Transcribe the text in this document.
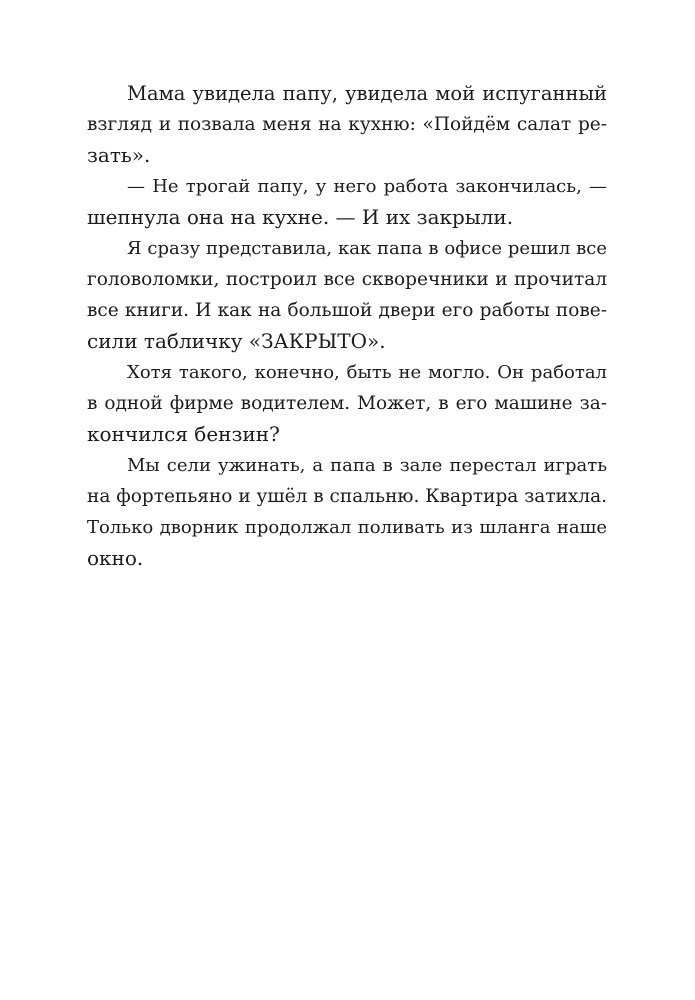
Мама увидела папу, увидела мой испуганный
взгляд и позвала меня на кухню: «Пойдём салат ре-
зать».

— Не трогай папу, у него работа закончилась, —
шепнула она на кухне. — И их закрыли.

Я сразу представила, как папа в офисе решил все
головоломки, построил все скворечники и прочитал
все книги. И как на большой двери его работы пове-
сили табличку «ЗАКРЫТО».

Хотя такого, конечно, быть не могло. Он работал
в одной фирме водителем. Может, в его машине за-
кончился бензин?

Мы сели ужинать, а папа в зале перестал играть
на фортепьяно и ушёл в спальню. Квартира затихла.
Только дворник продолжал поливать из шланга наше
окно.
